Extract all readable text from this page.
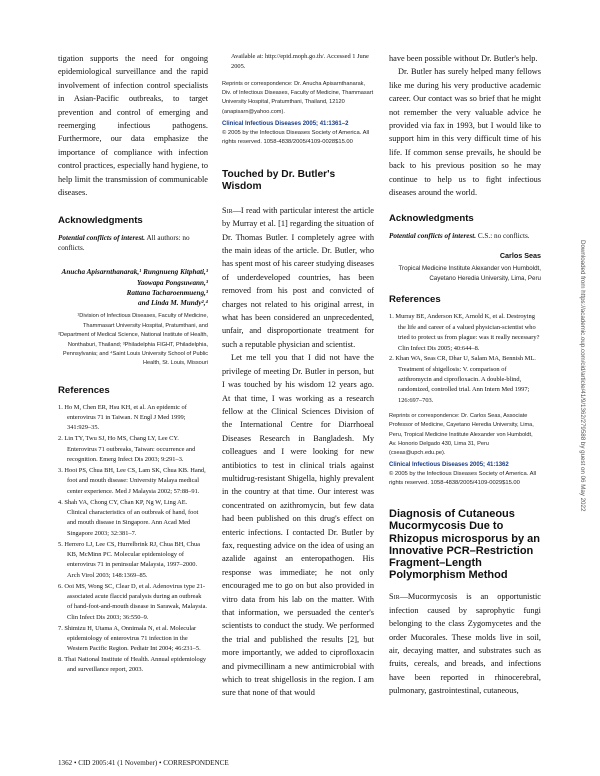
tigation supports the need for ongoing epidemiological surveillance and the rapid involvement of infection control specialists in Asian-Pacific outbreaks, to target prevention and control of emerging and reemerging infectious pathogens. Furthermore, our data emphasize the importance of compliance with infection control practices, especially hand hygiene, to help limit the transmission of communicable diseases.
Acknowledgments
Potential conflicts of interest. All authors: no conflicts.
Anucha Apisarnthanarak,¹ Rungnueng Kitphati,³
Yaowapa Pongsuwann,³
Rattana Tacharoenmueng,³
and Linda M. Mundy²,⁴
¹Division of Infectious Diseases, Faculty of Medicine, Thammasart University Hospital, Pratumthani, and ²Department of Medical Science, National Institute of Health, Nonthaburi, Thailand; ³Philadelphia FIGHT, Philadelphia, Pennsylvania; and ⁴Saint Louis University School of Public Health, St. Louis, Missouri
References
1. Ho M, Chen ER, Hsu KH, et al. An epidemic of enterovirus 71 in Taiwan. N Engl J Med 1999; 341:929–35.
2. Lin TY, Twu SJ, Ho MS, Chang LY, Lee CY. Enterovirus 71 outbreaks, Taiwan: occurrence and recognition. Emerg Infect Dis 2003; 9:291–3.
3. Hooi PS, Chua BH, Lee CS, Lam SK, Chua KB. Hand, foot and mouth disease: University Malaya medical center experience. Med J Malaysia 2002; 57:88–91.
4. Shah VA, Chong CY, Chan KP, Ng W, Ling AE. Clinical characteristics of an outbreak of hand, foot and mouth disease in Singapore. Ann Acad Med Singapore 2003; 32:381–7.
5. Herrero LJ, Lee CS, Hurrelbrink RJ, Chua BH, Chua KB, McMinn PC. Molecular epidemiology of enterovirus 71 in peninsular Malaysia, 1997–2000. Arch Virol 2003; 148:1369–85.
6. Ooi MS, Wong SC, Clear D, et al. Adenovirus type 21-associated acute flaccid paralysis during an outbreak of hand-foot-and-mouth disease in Sarawak, Malaysia. Clin Infect Dis 2003; 36:550–9.
7. Shimizu H, Utama A, Onnimala N, et al. Molecular epidemiology of enterovirus 71 infection in the Western Pacific Region. Pediatr Int 2004; 46:231–5.
8. Thai National Institute of Health. Annual epidemiology and surveillance report, 2003.
Available at: http://epid.moph.go.th/. Accessed 1 June 2005.
Reprints or correspondence: Dr. Anucha Apisarnthanarak, Div. of Infectious Diseases, Faculty of Medicine, Thammasart University Hospital, Pratumthani, Thailand, 12120 (anapisarn@yahoo.com).
Clinical Infectious Diseases 2005; 41:1361–2
© 2005 by the Infectious Diseases Society of America. All rights reserved. 1058-4838/2005/4109-0028$15.00
Touched by Dr. Butler's Wisdom

Sir—I read with particular interest the article by Murray et al. [1] regarding the situation of Dr. Thomas Butler. I completely agree with the main ideas of the article. Dr. Butler, who has spent most of his career studying diseases of underdeveloped countries, has been removed from his post and convicted of charges not related to his original arrest, in what has been considered an unprecedented, unfair, and disproportionate treatment for such a reputable physician and scientist.

Let me tell you that I did not have the privilege of meeting Dr. Butler in person, but I was touched by his wisdom 12 years ago. At that time, I was working as a research fellow at the Clinical Sciences Division of the International Centre for Diarrhoeal Diseases Research in Bangladesh. My colleagues and I were looking for new antibiotics to test in clinical trials against multidrug-resistant Shigella, highly prevalent in the country at that time. Our interest was concentrated on azithromycin, but few data had been published on this drug's effect on enteric infections. I contacted Dr. Butler by fax, requesting advice on the idea of using an azalide against an enteropathogen. His response was immediate; he not only encouraged me to go on but also provided in vitro data from his lab on the matter. With that information, we persuaded the center's scientists to conduct the study. We performed the trial and published the results [2], but more importantly, we added to ciprofloxacin and pivmecillinam a new antimicrobial with which to treat shigellosis in the region. I am sure that none of that would

have been possible without Dr. Butler's help.

Dr. Butler has surely helped many fellows like me during his very productive academic career. Our contact was so brief that he might not remember the very valuable advice he provided via fax in 1993, but I would like to support him in this very difficult time of his life. If common sense prevails, he should be back to his previous position so he may continue to help us to fight infectious diseases around the world.

Acknowledgments
Potential conflicts of interest. C.S.: no conflicts.
Carlos Seas
Tropical Medicine Institute Alexander von Humboldt, Cayetano Heredia University, Lima, Peru
References
1. Murray BE, Anderson KE, Arnold K, et al. Destroying the life and career of a valued physician-scientist who tried to protect us from plague: was it really necessary? Clin Infect Dis 2005; 40:644–8.
2. Khan WA, Seas CR, Dhar U, Salam MA, Bennish ML. Treatment of shigellosis: V. comparison of azithromycin and ciprofloxacin. A double-blind, randomized, controlled trial. Ann Intern Med 1997; 126:697–703.
Reprints or correspondence: Dr. Carlos Seas, Associate Professor of Medicine, Cayetano Heredia University, Lima, Peru, Tropical Medicine Institute Alexander von Humboldt, Av. Honorio Delgado 430, Lima 31, Peru (cseas@upch.edu.pe).
Clinical Infectious Diseases 2005; 41:1362
© 2005 by the Infectious Diseases Society of America. All rights reserved. 1058-4838/2005/4109-0029$15.00
Diagnosis of Cutaneous Mucormycosis Due to Rhizopus microsporus by an Innovative PCR–Restriction Fragment–Length Polymorphism Method

Sir—Mucormycosis is an opportunistic infection caused by saprophytic fungi belonging to the class Zygomycetes and the order Mucorales. These molds live in soil, air, decaying matter, and substrates such as fruits, cereals, and breads, and infections have been reported in rhinocerebral, pulmonary, gastrointestinal, cutaneous,

Downloaded from https://academic.oup.com/cid/article/41/9/1362/279588 by guest on 06 May 2022
1362 • CID 2005:41 (1 November) • CORRESPONDENCE
